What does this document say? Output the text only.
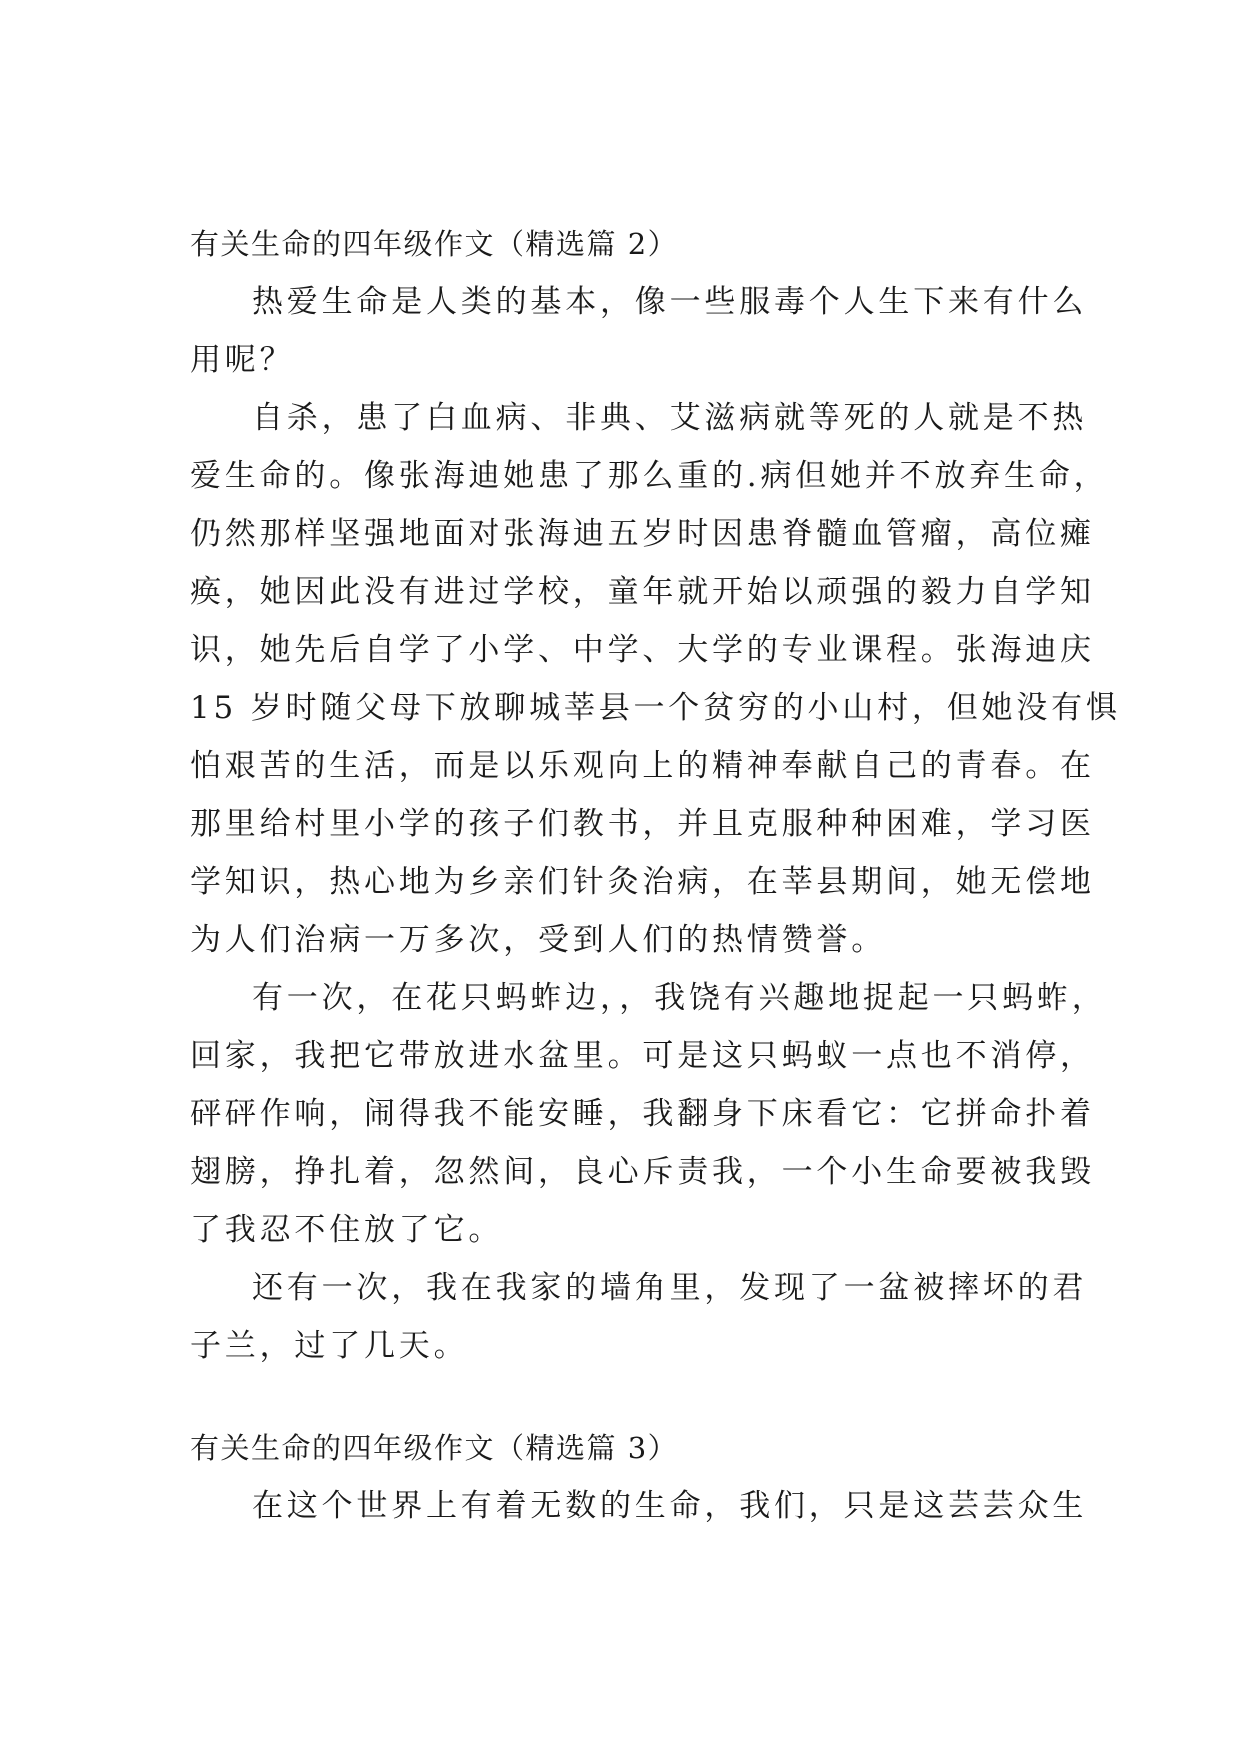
有关生命的四年级作文（精选篇 2）
热爱生命是人类的基本，像一些服毒个人生下来有什么
用呢？
自杀，患了白血病、非典、艾滋病就等死的人就是不热
爱生命的。像张海迪她患了那么重的.病但她并不放弃生命，
仍然那样坚强地面对张海迪五岁时因患脊髓血管瘤，高位瘫
痪，她因此没有进过学校，童年就开始以顽强的毅力自学知
识，她先后自学了小学、中学、大学的专业课程。张海迪庆
15 岁时随父母下放聊城莘县一个贫穷的小山村，但她没有惧
怕艰苦的生活，而是以乐观向上的精神奉献自己的青春。在
那里给村里小学的孩子们教书，并且克服种种困难，学习医
学知识，热心地为乡亲们针灸治病，在莘县期间，她无偿地
为人们治病一万多次，受到人们的热情赞誉。
有一次，在花只蚂蚱边，，我饶有兴趣地捉起一只蚂蚱，
回家，我把它带放进水盆里。可是这只蚂蚁一点也不消停，
砰砰作响，闹得我不能安睡，我翻身下床看它：它拼命扑着
翅膀，挣扎着，忽然间，良心斥责我，一个小生命要被我毁
了我忍不住放了它。
还有一次，我在我家的墙角里，发现了一盆被摔坏的君
子兰，过了几天。
有关生命的四年级作文（精选篇 3）
在这个世界上有着无数的生命，我们，只是这芸芸众生
